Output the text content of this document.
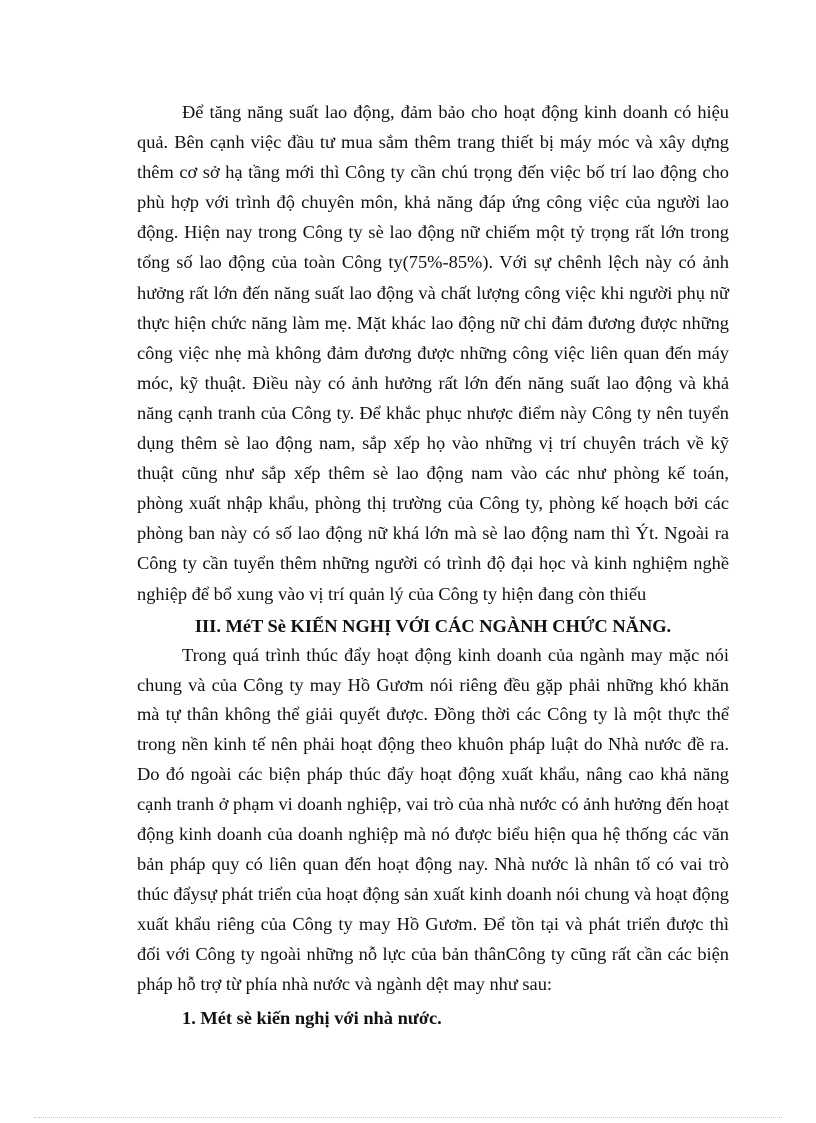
Để tăng năng suất lao động, đảm bảo cho hoạt động kinh doanh có hiệu quả. Bên cạnh việc đầu tư mua sắm thêm trang thiết bị máy móc và xây dựng thêm cơ sở hạ tầng mới thì Công ty cần chú trọng đến việc bố trí lao động cho phù hợp với trình độ chuyên môn, khả năng đáp ứng công việc của người lao động. Hiện nay trong Công ty sè lao động nữ chiếm một tỷ trọng rất lớn trong tổng số lao động của toàn Công ty(75%-85%). Với sự chênh lệch này có ảnh hưởng rất lớn đến năng suất lao động và chất lượng công việc khi người phụ nữ thực hiện chức năng làm mẹ. Mặt khác lao động nữ chỉ đảm đương được những công việc nhẹ mà không đảm đương được những công việc liên quan đến máy móc, kỹ thuật. Điều này có ảnh hưởng rất lớn đến năng suất lao động và khả năng cạnh tranh của Công ty. Để khắc phục nhược điểm này Công ty nên tuyển dụng thêm sè lao động nam, sắp xếp họ vào những vị trí chuyên trách về kỹ thuật cũng như sắp xếp thêm sè lao động nam vào các như phòng kế toán, phòng xuất nhập khẩu, phòng thị trường của Công ty, phòng kế hoạch bởi các phòng ban này có số lao động nữ khá lớn mà sè lao động nam thì Ýt. Ngoài ra Công ty cần tuyển thêm những người có trình độ đại học và kinh nghiệm nghề nghiệp để bổ xung vào vị trí quản lý của Công ty hiện đang còn thiếu

III. MéT Sè KIẾN NGHỊ VỚI CÁC NGÀNH CHỨC NĂNG.

Trong quá trình thúc đẩy hoạt động kinh doanh của ngành may mặc nói chung và của Công ty may Hồ Gươm nói riêng đều gặp phải những khó khăn mà tự thân không thể giải quyết được. Đồng thời các Công ty là một thực thể trong nền kinh tế nên phải hoạt động theo khuôn pháp luật do Nhà nước đề ra. Do đó ngoài các biện pháp thúc đẩy hoạt động xuất khẩu, nâng cao khả năng cạnh tranh ở phạm vi doanh nghiệp, vai trò của nhà nước có ảnh hưởng đến hoạt động kinh doanh của doanh nghiệp mà nó được biểu hiện qua hệ thống các văn bản pháp quy có liên quan đến hoạt động nay. Nhà nước là nhân tố có vai trò thúc đẩysự phát triển của hoạt động sản xuất kinh doanh nói chung và hoạt động xuất khẩu riêng của Công ty may Hồ Gươm. Để tồn tại và phát triển được thì đối với Công ty ngoài những nỗ lực của bản thânCông ty cũng rất cần các biện pháp hỗ trợ từ phía nhà nước và ngành dệt may như sau:

1. Mét sè kiến nghị với nhà nước.
